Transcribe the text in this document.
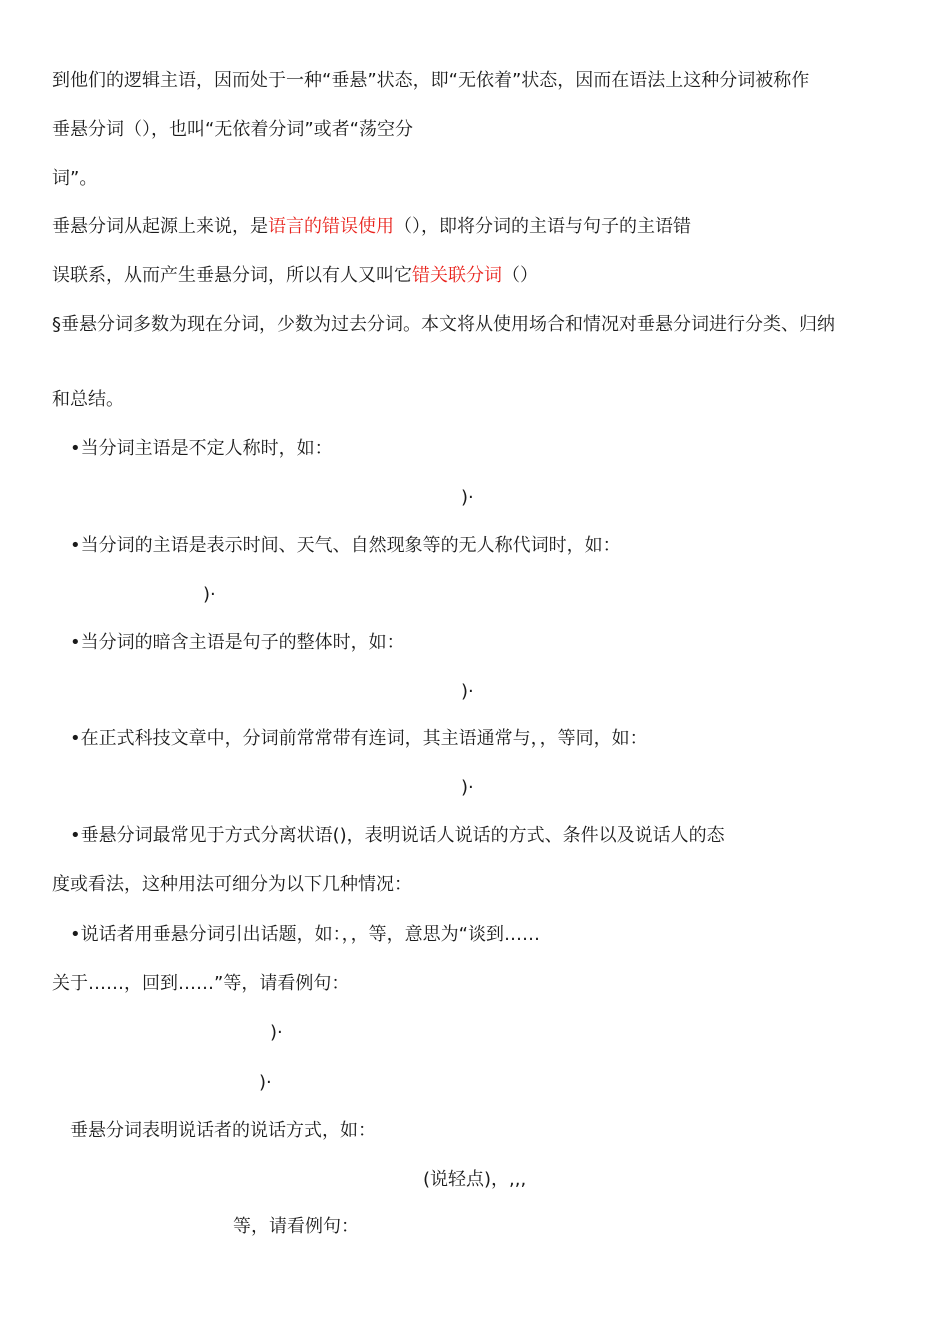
到他们的逻辑主语，因而处于一种“垂悬”状态，即“无依着”状态，因而在语法上这种分词被称作
垂悬分词（），也叫“无依着分词”或者“荡空分
词”。
垂悬分词从起源上来说，是语言的错误使用（），即将分词的主语与句子的主语错
误联系，从而产生垂悬分词，所以有人又叫它错关联分词（）
§垂悬分词多数为现在分词，少数为过去分词。本文将从使用场合和情况对垂悬分词进行分类、归纳
和总结。
•当分词主语是不定人称时，如：
)·
•当分词的主语是表示时间、天气、自然现象等的无人称代词时，如：
)·
•当分词的暗含主语是句子的整体时，如：
)·
•在正式科技文章中，分词前常常带有连词，其主语通常与，，等同，如：
)·
•垂悬分词最常见于方式分离状语()，表明说话人说话的方式、条件以及说话人的态
度或看法，这种用法可细分为以下几种情况：
•说话者用垂悬分词引出话题，如：，，等，意思为“谈到……
关于……，回到……”等，请看例句：
)·
)·
垂悬分词表明说话者的说话方式，如：
(说轻点)，,,,
等，请看例句：
